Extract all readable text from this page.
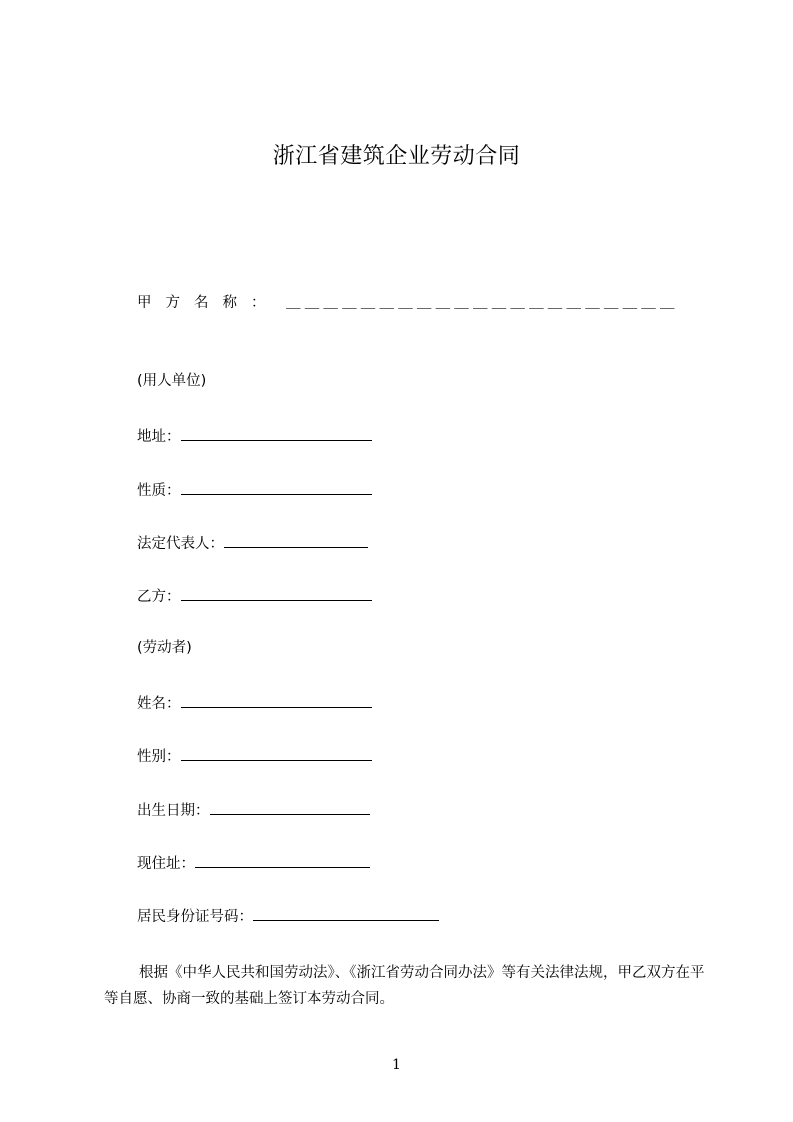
浙江省建筑企业劳动合同
甲方名称： ＿＿＿＿＿＿＿＿＿＿＿＿＿＿＿＿＿＿＿＿＿
(用人单位)
地址：
性质：
法定代表人：
乙方：
(劳动者)
姓名：
性别：
出生日期：
现住址：
居民身份证号码：
根据《中华人民共和国劳动法》、《浙江省劳动合同办法》等有关法律法规，甲乙双方在平等自愿、协商一致的基础上签订本劳动合同。
1
